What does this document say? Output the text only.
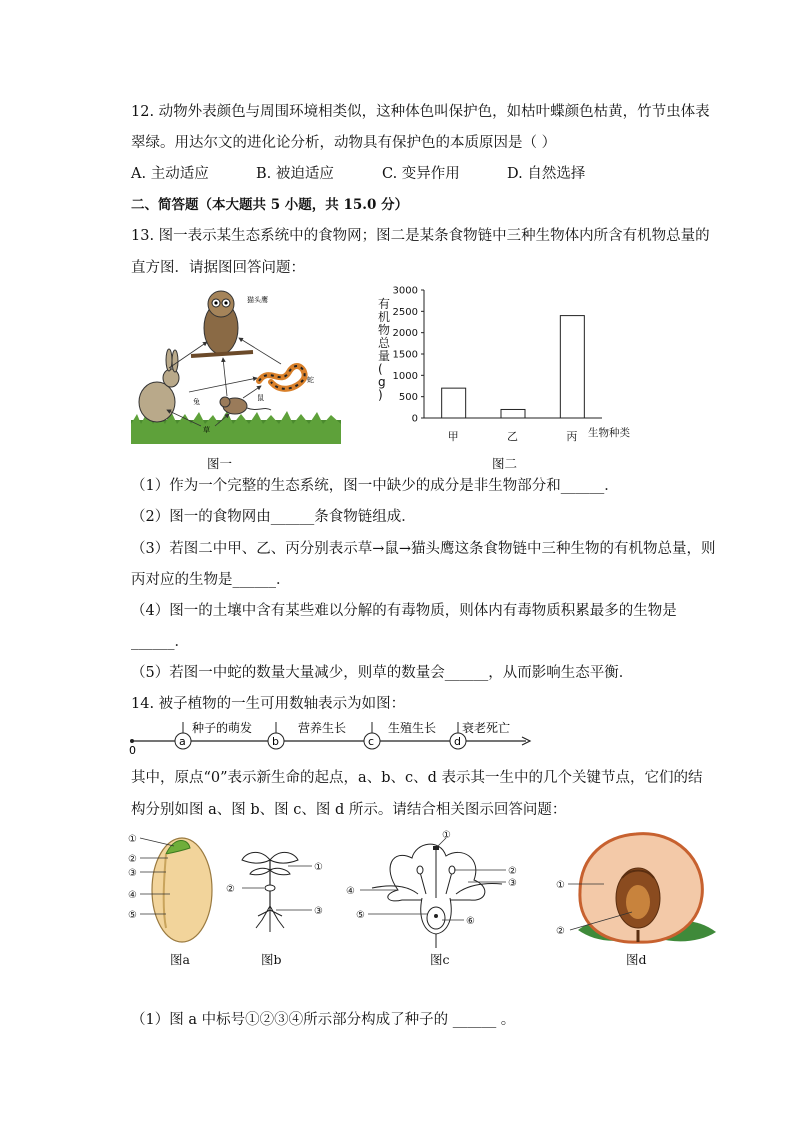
12. 动物外表颜色与周围环境相类似，这种体色叫保护色，如枯叶蝶颜色枯黄，竹节虫体表
翠绿。用达尔文的进化论分析，动物具有保护色的本质原因是（ ）
A. 主动适应	B. 被迫适应	C. 变异作用	D. 自然选择
二、简答题（本大题共 5 小题，共 15.0 分）
13. 图一表示某生态系统中的食物网；图二是某条食物链中三种生物体内所含有机物总量的
直方图．请据图回答问题：
猫头鹰
蛇
兔	鼠
草
图一
0
500
1000
1500
2000
2500
3000
甲	乙	丙 生物种类
有
机
物
总
量
(
g
)
图二
（1）作为一个完整的生态系统，图一中缺少的成分是非生物部分和______．
（2）图一的食物网由______条食物链组成．
（3）若图二中甲、乙、丙分别表示草→鼠→猫头鹰这条食物链中三种生物的有机物总量，则
丙对应的生物是______．
（4）图一的土壤中含有某些难以分解的有毒物质，则体内有毒物质积累最多的生物是
______．
（5）若图一中蛇的数量大量减少，则草的数量会______，从而影响生态平衡．
14. 被子植物的一生可用数轴表示为如图：
0
a	b	c	d
种子的萌发	营养生长	生殖生长 衰老死亡
其中，原点“0”表示新生命的起点，a、b、c、d 表示其一生中的几个关键节点，它们的结
构分别如图 a、图 b、图 c、图 d 所示。请结合相关图示回答问题：
①
②
③
④
⑤
图a
①
②
③
图b
①
②
③
④
⑤
⑥
图c
①
②
图d
（1）图 a 中标号①②③④所示部分构成了种子的 ______ 。
